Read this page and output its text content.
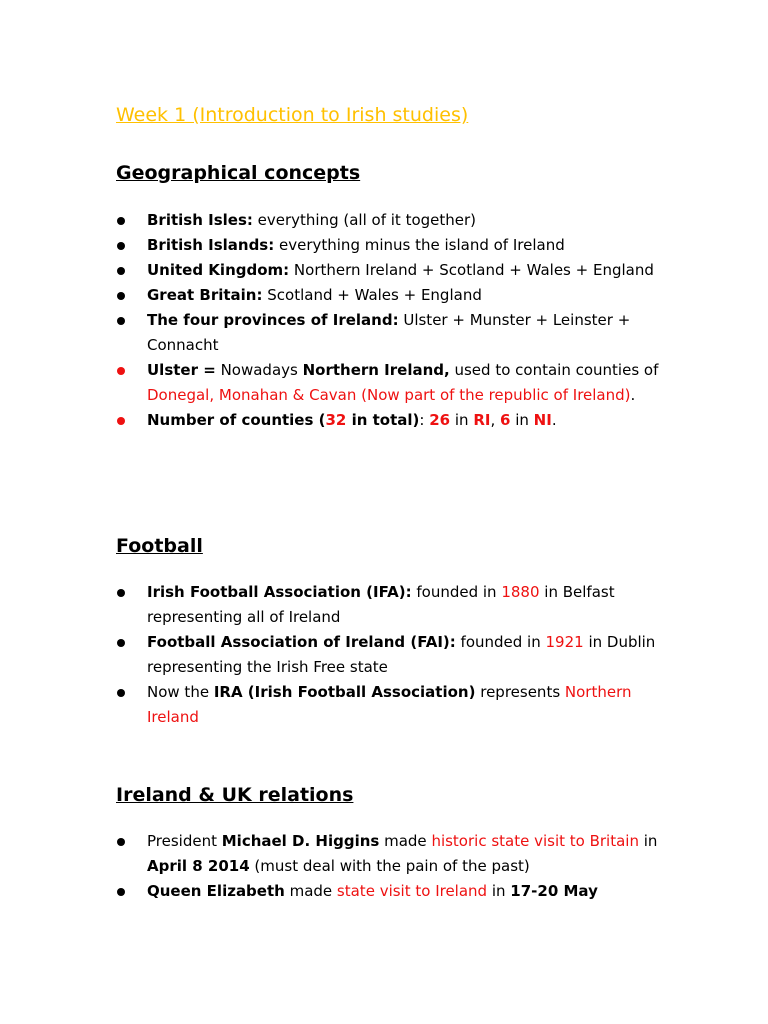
Week 1 (Introduction to Irish studies)
Geographical concepts
British Isles: everything (all of it together)
British Islands: everything minus the island of Ireland
United Kingdom: Northern Ireland + Scotland + Wales + England
Great Britain: Scotland + Wales + England
The four provinces of Ireland: Ulster + Munster + Leinster + Connacht
Ulster = Nowadays Northern Ireland, used to contain counties of Donegal, Monahan & Cavan (Now part of the republic of Ireland).
Number of counties (32 in total): 26 in RI, 6 in NI.
Football
Irish Football Association (IFA): founded in 1880 in Belfast representing all of Ireland
Football Association of Ireland (FAI): founded in 1921 in Dublin representing the Irish Free state
Now the IRA (Irish Football Association) represents Northern Ireland
Ireland & UK relations
President Michael D. Higgins made historic state visit to Britain in April 8 2014 (must deal with the pain of the past)
Queen Elizabeth made state visit to Ireland in 17-20 May
